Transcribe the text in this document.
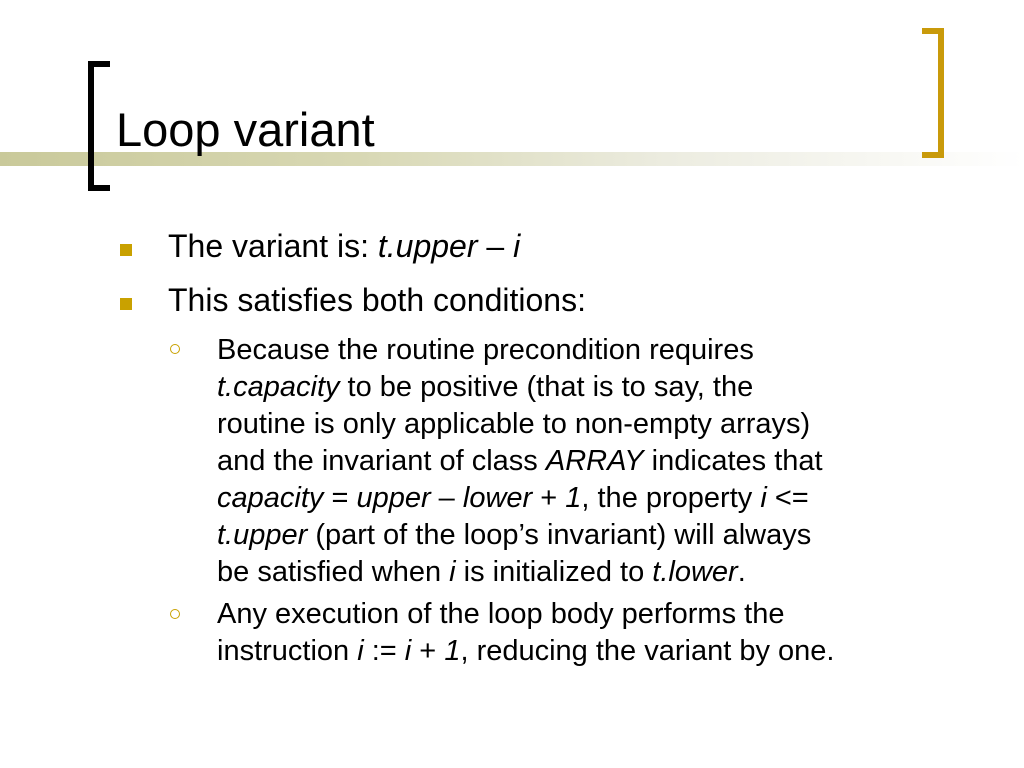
Loop variant
The variant is: t.upper – i
This satisfies both conditions:
Because the routine precondition requires
t.capacity to be positive (that is to say, the
routine is only applicable to non-empty arrays)
and the invariant of class ARRAY indicates that
capacity = upper – lower + 1, the property i <=
t.upper (part of the loop’s invariant) will always
be satisfied when i is initialized to t.lower.
Any execution of the loop body performs the
instruction i := i + 1, reducing the variant by one.
